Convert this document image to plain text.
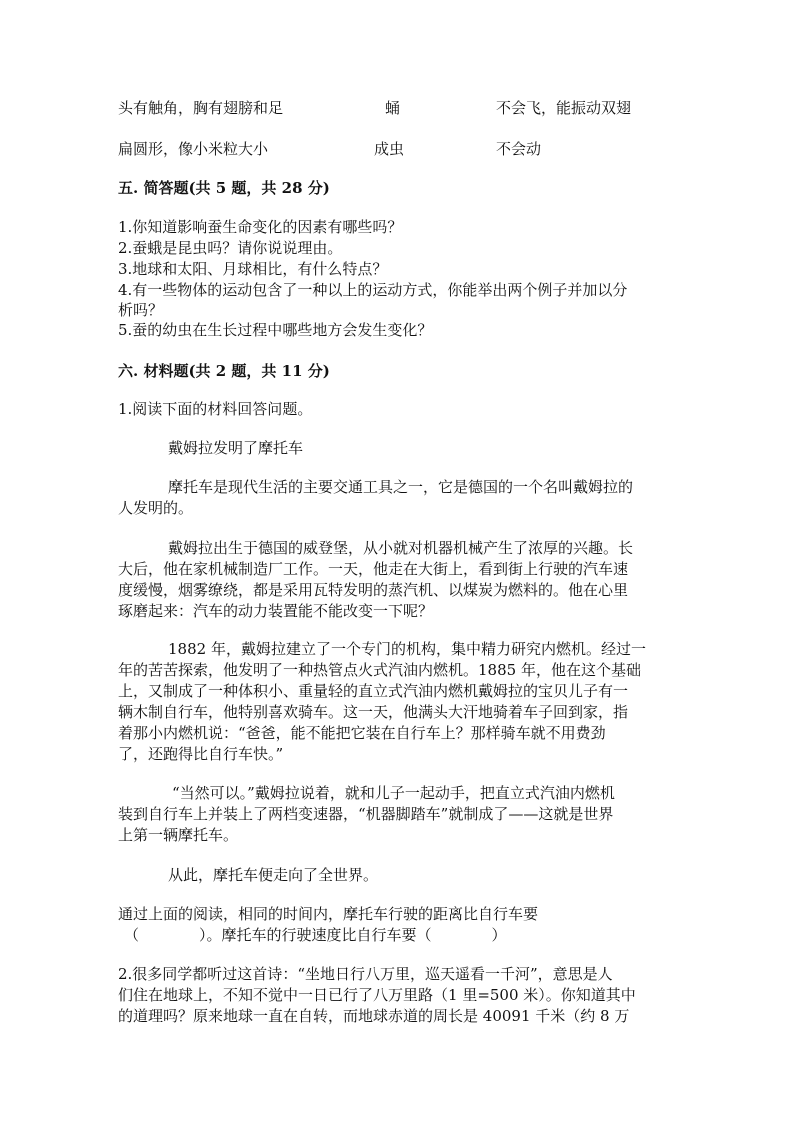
头有触角，胸有翅膀和足	蛹	不会飞，能振动双翅
扁圆形，像小米粒大小	成虫	不会动
五. 简答题(共 5 题，共 28 分)
1.你知道影响蚕生命变化的因素有哪些吗？
2.蚕蛾是昆虫吗？请你说说理由。
3.地球和太阳、月球相比，有什么特点？
4.有一些物体的运动包含了一种以上的运动方式，你能举出两个例子并加以分
析吗？
5.蚕的幼虫在生长过程中哪些地方会发生变化？
六. 材料题(共 2 题，共 11 分)
1.阅读下面的材料回答问题。
戴姆拉发明了摩托车
摩托车是现代生活的主要交通工具之一，它是德国的一个名叫戴姆拉的
人发明的。
戴姆拉出生于德国的威登堡，从小就对机器机械产生了浓厚的兴趣。长
大后，他在家机械制造厂工作。一天，他走在大街上，看到街上行驶的汽车速
度缓慢，烟雾缭绕，都是采用瓦特发明的蒸汽机、以煤炭为燃料的。他在心里
琢磨起来：汽车的动力装置能不能改变一下呢？
1882 年，戴姆拉建立了一个专门的机构，集中精力研究内燃机。经过一
年的苦苦探索，他发明了一种热管点火式汽油内燃机。1885 年，他在这个基础
上，又制成了一种体积小、重量轻的直立式汽油内燃机戴姆拉的宝贝儿子有一
辆木制自行车，他特别喜欢骑车。这一天，他满头大汗地骑着车子回到家，指
着那小内燃机说：“爸爸，能不能把它装在自行车上？那样骑车就不用费劲
了，还跑得比自行车快。”
“当然可以。”戴姆拉说着，就和儿子一起动手，把直立式汽油内燃机
装到自行车上并装上了两档变速器，“机器脚踏车”就制成了——这就是世界
上第一辆摩托车。
从此，摩托车便走向了全世界。
通过上面的阅读，相同的时间内，摩托车行驶的距离比自行车要
（　　　　）。摩托车的行驶速度比自行车要（　　　　）
2.很多同学都听过这首诗：“坐地日行八万里，巡天遥看一千河”，意思是人
们住在地球上，不知不觉中一日已行了八万里路（1 里=500 米）。你知道其中
的道理吗？原来地球一直在自转，而地球赤道的周长是 40091 千米（约 8 万
